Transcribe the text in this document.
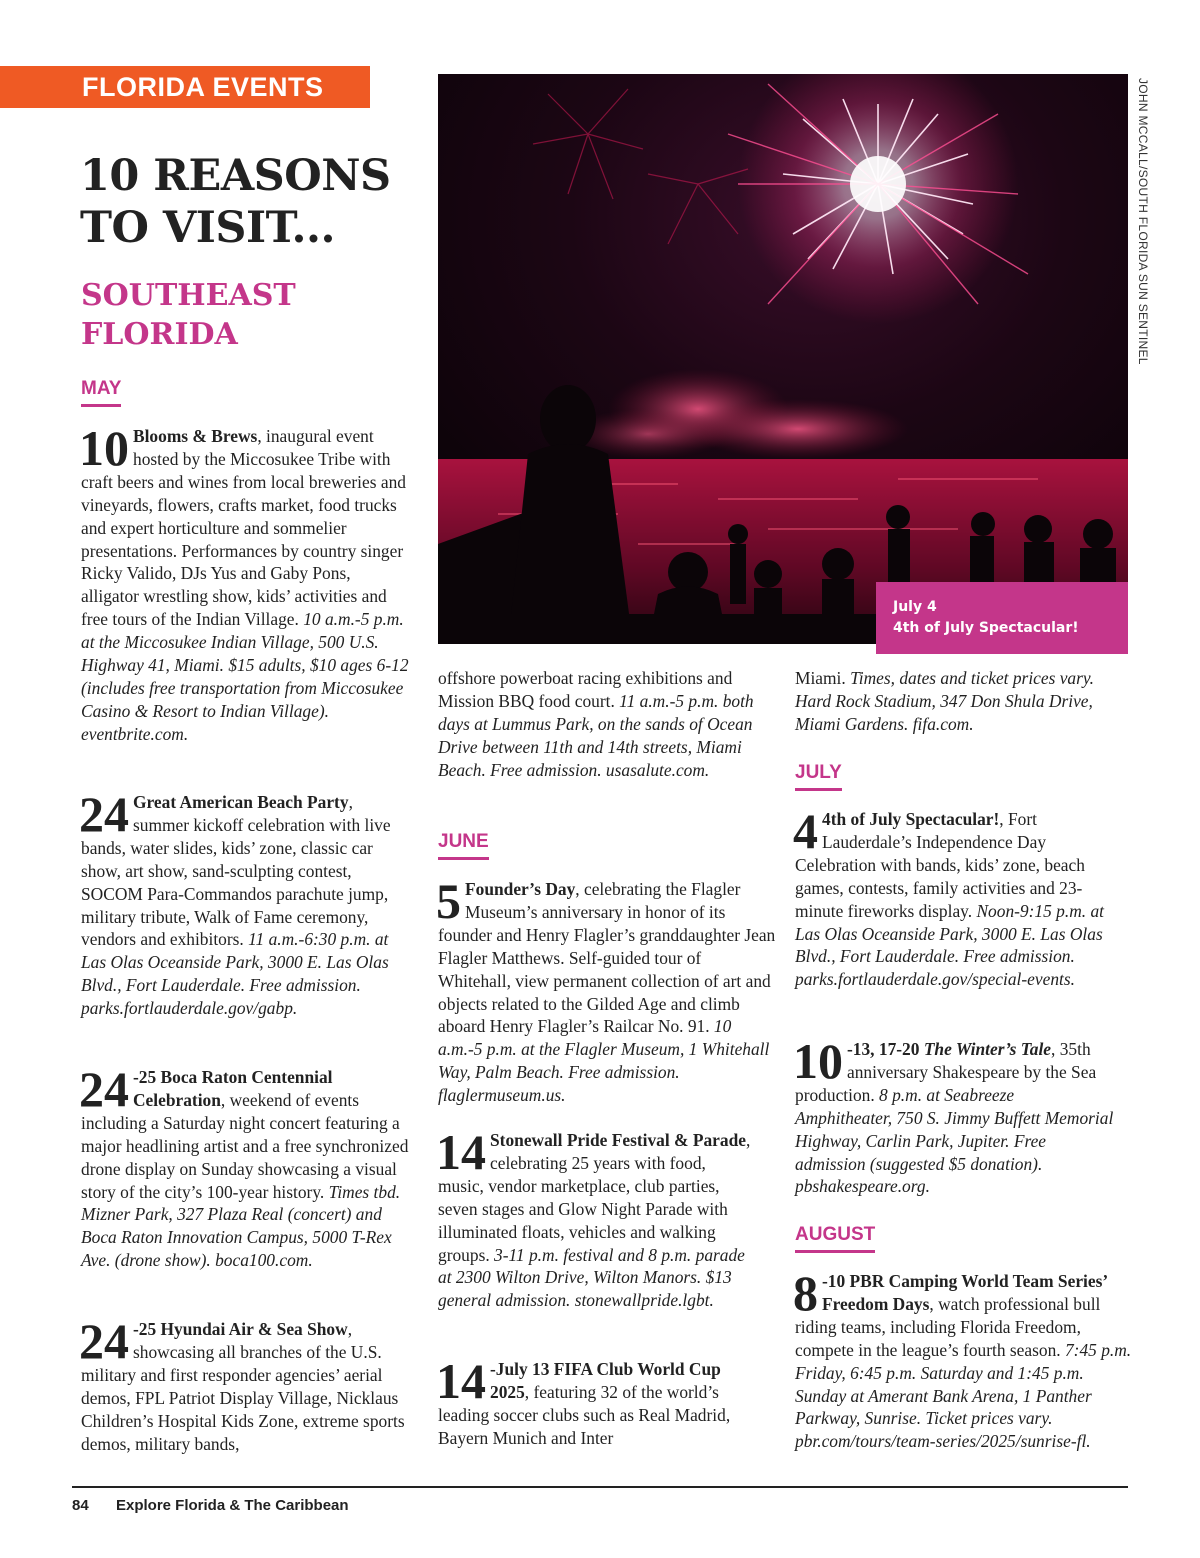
FLORIDA EVENTS
10 REASONS TO VISIT...
SOUTHEAST FLORIDA
MAY

10 Blooms & Brews, inaugural event hosted by the Miccosukee Tribe with craft beers and wines from local breweries and vineyards, flowers, crafts market, food trucks and expert horticulture and sommelier presentations. Performances by country singer Ricky Valido, DJs Yus and Gaby Pons, alligator wrestling show, kids’ activities and free tours of the Indian Village. 10 a.m.-5 p.m. at the Miccosukee Indian Village, 500 U.S. Highway 41, Miami. $15 adults, $10 ages 6-12 (includes free transportation from Miccosukee Casino & Resort to Indian Village). eventbrite.com.

24 Great American Beach Party, summer kickoff celebration with live bands, water slides, kids’ zone, classic car show, art show, sand-sculpting contest, SOCOM Para-Commandos parachute jump, military tribute, Walk of Fame ceremony, vendors and exhibitors. 11 a.m.-6:30 p.m. at Las Olas Oceanside Park, 3000 E. Las Olas Blvd., Fort Lauderdale. Free admission. parks.fortlauderdale.gov/gabp.

24 -25 Boca Raton Centennial Celebration, weekend of events including a Saturday night concert featuring a major headlining artist and a free synchronized drone display on Sunday showcasing a visual story of the city’s 100-year history. Times tbd. Mizner Park, 327 Plaza Real (concert) and Boca Raton Innovation Campus, 5000 T-Rex Ave. (drone show). boca100.com.

24 -25 Hyundai Air & Sea Show, showcasing all branches of the U.S. military and first responder agencies’ aerial demos, FPL Patriot Display Village, Nicklaus Children’s Hospital Kids Zone, extreme sports demos, military bands,

JOHN MCCALL/SOUTH FLORIDA SUN SENTINEL
July 4
4th of July Spectacular!

offshore powerboat racing exhibitions and Mission BBQ food court. 11 a.m.-5 p.m. both days at Lummus Park, on the sands of Ocean Drive between 11th and 14th streets, Miami Beach. Free admission. usasalute.com.

JUNE

5 Founder’s Day, celebrating the Flagler Museum’s anniversary in honor of its founder and Henry Flagler’s granddaughter Jean Flagler Matthews. Self-guided tour of Whitehall, view permanent collection of art and objects related to the Gilded Age and climb aboard Henry Flagler’s Railcar No. 91. 10 a.m.-5 p.m. at the Flagler Museum, 1 Whitehall Way, Palm Beach. Free admission. flaglermuseum.us.

14 Stonewall Pride Festival & Parade, celebrating 25 years with food, music, vendor marketplace, club parties, seven stages and Glow Night Parade with illuminated floats, vehicles and walking groups. 3-11 p.m. festival and 8 p.m. parade at 2300 Wilton Drive, Wilton Manors. $13 general admission. stonewallpride.lgbt.

14 -July 13 FIFA Club World Cup 2025, featuring 32 of the world’s leading soccer clubs such as Real Madrid, Bayern Munich and Inter

Miami. Times, dates and ticket prices vary. Hard Rock Stadium, 347 Don Shula Drive, Miami Gardens. fifa.com.

JULY

4 4th of July Spectacular!, Fort Lauderdale’s Independence Day Celebration with bands, kids’ zone, beach games, contests, family activities and 23-minute fireworks display. Noon-9:15 p.m. at Las Olas Oceanside Park, 3000 E. Las Olas Blvd., Fort Lauderdale. Free admission. parks.fortlauderdale.gov/special-events.

10 -13, 17-20 The Winter’s Tale, 35th anniversary Shakespeare by the Sea production. 8 p.m. at Seabreeze Amphitheater, 750 S. Jimmy Buffett Memorial Highway, Carlin Park, Jupiter. Free admission (suggested $5 donation). pbshakespeare.org.

AUGUST

8 -10 PBR Camping World Team Series’ Freedom Days, watch professional bull riding teams, including Florida Freedom, compete in the league’s fourth season. 7:45 p.m. Friday, 6:45 p.m. Saturday and 1:45 p.m. Sunday at Amerant Bank Arena, 1 Panther Parkway, Sunrise. Ticket prices vary. pbr.com/tours/team-series/2025/sunrise-fl.

84 Explore Florida & The Caribbean
